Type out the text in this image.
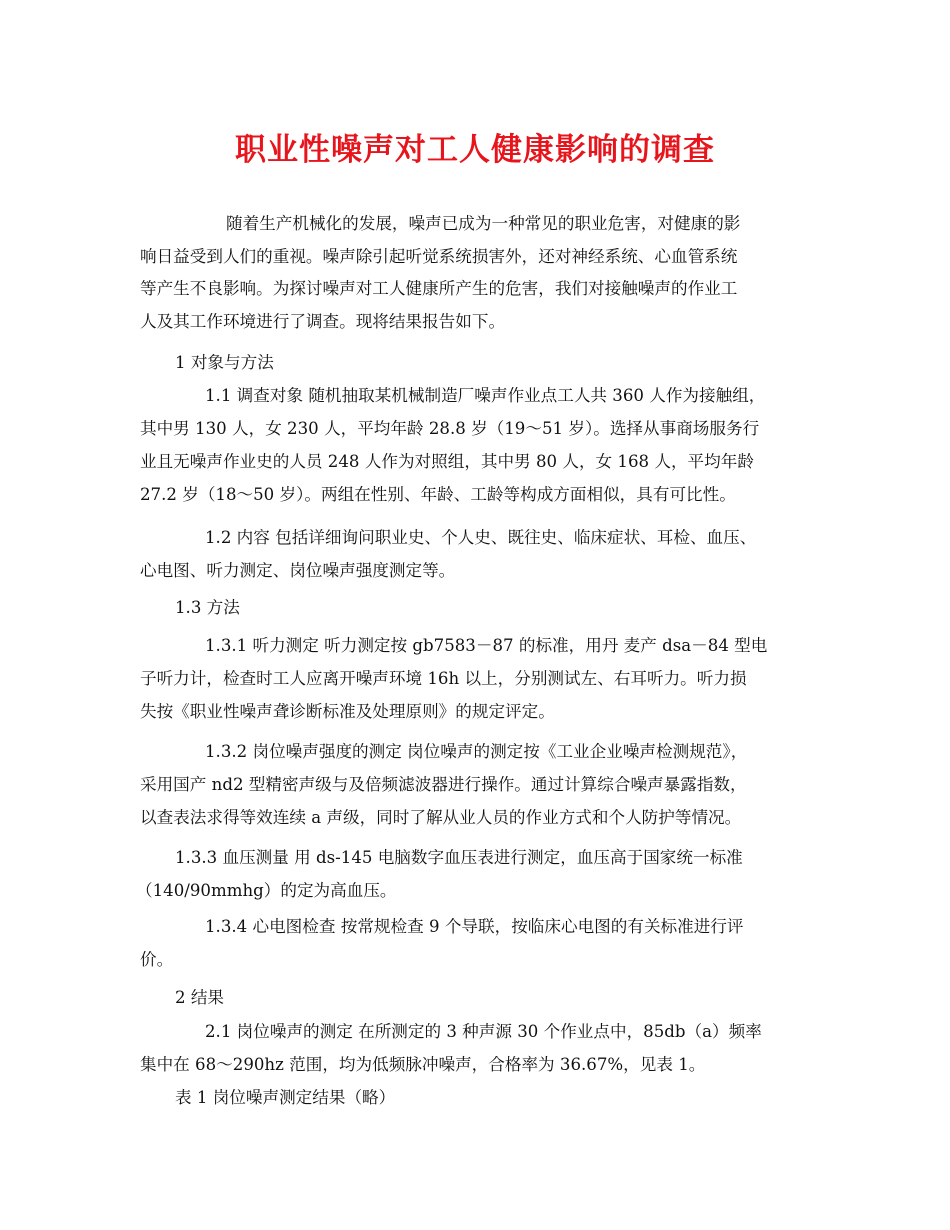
职业性噪声对工人健康影响的调查
随着生产机械化的发展，噪声已成为一种常见的职业危害，对健康的影
响日益受到人们的重视。噪声除引起听觉系统损害外，还对神经系统、心血管系统
等产生不良影响。为探讨噪声对工人健康所产生的危害，我们对接触噪声的作业工
人及其工作环境进行了调查。现将结果报告如下。
1 对象与方法
1.1 调查对象 随机抽取某机械制造厂噪声作业点工人共 360 人作为接触组，
其中男 130 人，女 230 人，平均年龄 28.8 岁（19～51 岁）。选择从事商场服务行
业且无噪声作业史的人员 248 人作为对照组，其中男 80 人，女 168 人，平均年龄
27.2 岁（18～50 岁）。两组在性别、年龄、工龄等构成方面相似，具有可比性。
1.2 内容 包括详细询问职业史、个人史、既往史、临床症状、耳检、血压、
心电图、听力测定、岗位噪声强度测定等。
1.3 方法
1.3.1 听力测定 听力测定按 gb7583－87 的标准，用丹 麦产 dsa－84 型电
子听力计，检查时工人应离开噪声环境 16h 以上，分别测试左、右耳听力。听力损
失按《职业性噪声聋诊断标准及处理原则》的规定评定。
1.3.2 岗位噪声强度的测定 岗位噪声的测定按《工业企业噪声检测规范》，
采用国产 nd2 型精密声级与及倍频滤波器进行操作。通过计算综合噪声暴露指数，
以查表法求得等效连续 a 声级，同时了解从业人员的作业方式和个人防护等情况。
1.3.3 血压测量 用 ds-145 电脑数字血压表进行测定，血压高于国家统一标准
（140/90mmhg）的定为高血压。
1.3.4 心电图检查 按常规检查 9 个导联，按临床心电图的有关标准进行评
价。
2 结果
2.1 岗位噪声的测定 在所测定的 3 种声源 30 个作业点中，85db（a）频率
集中在 68～290hz 范围，均为低频脉冲噪声，合格率为 36.67%，见表 1。
表 1 岗位噪声测定结果（略）
